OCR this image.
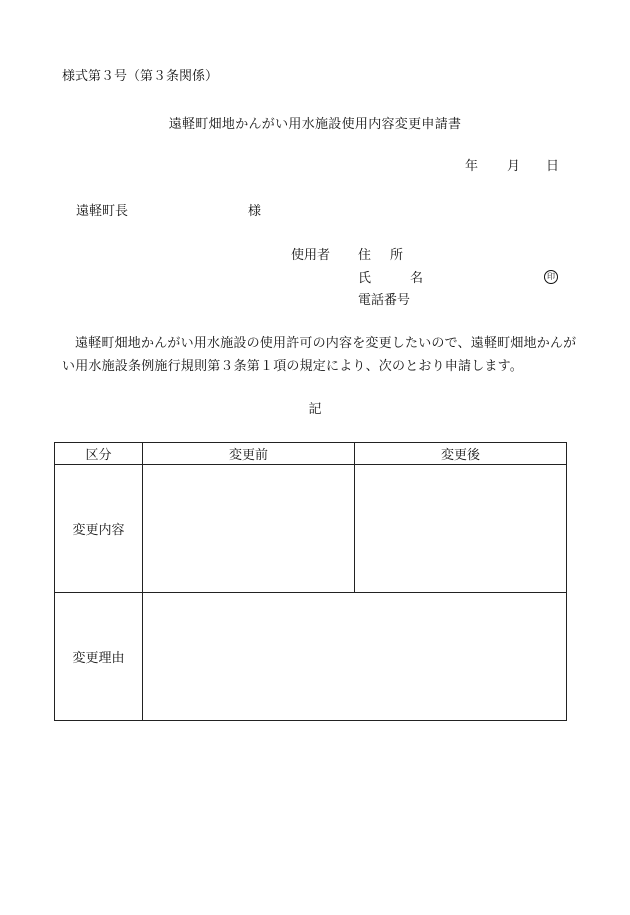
様式第３号（第３条関係）
遠軽町畑地かんがい用水施設使用内容変更申請書
年 月 日
遠軽町長	様
使用者 住所
氏名	印
電話番号
遠軽町畑地かんがい用水施設の使用許可の内容を変更したいので、遠軽町畑地かんがい用水施設条例施行規則第３条第１項の規定により、次のとおり申請します。
記
区分	変更前	変更後
変更内容		
変更理由		
